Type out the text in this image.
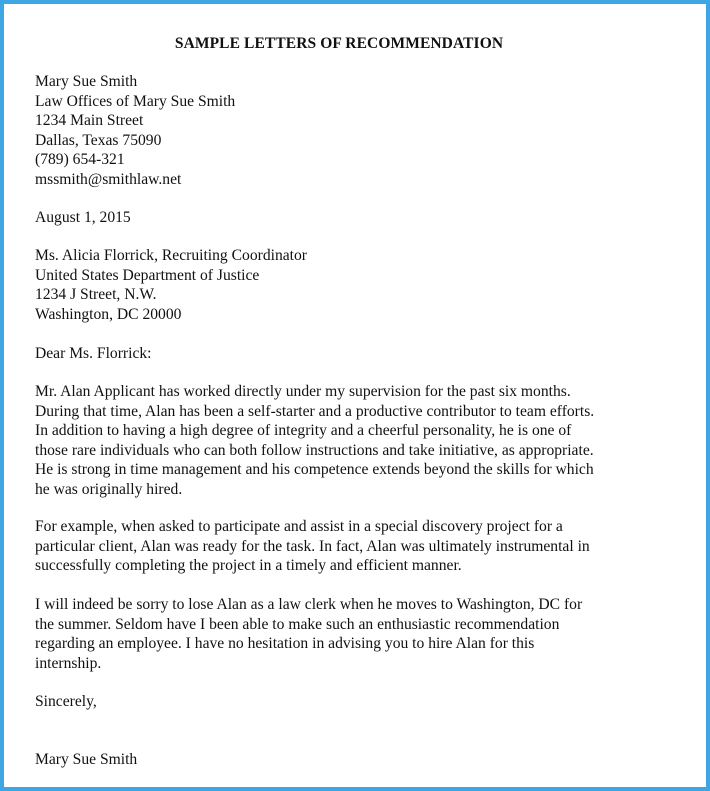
SAMPLE LETTERS OF RECOMMENDATION
Mary Sue Smith
Law Offices of Mary Sue Smith
1234 Main Street
Dallas, Texas 75090
(789) 654-321
mssmith@smithlaw.net
August 1, 2015
Ms. Alicia Florrick, Recruiting Coordinator
United States Department of Justice
1234 J Street, N.W.
Washington, DC 20000
Dear Ms. Florrick:
Mr. Alan Applicant has worked directly under my supervision for the past six months.
During that time, Alan has been a self-starter and a productive contributor to team efforts.
In addition to having a high degree of integrity and a cheerful personality, he is one of
those rare individuals who can both follow instructions and take initiative, as appropriate.
He is strong in time management and his competence extends beyond the skills for which
he was originally hired.
For example, when asked to participate and assist in a special discovery project for a
particular client, Alan was ready for the task. In fact, Alan was ultimately instrumental in
successfully completing the project in a timely and efficient manner.
I will indeed be sorry to lose Alan as a law clerk when he moves to Washington, DC for
the summer. Seldom have I been able to make such an enthusiastic recommendation
regarding an employee. I have no hesitation in advising you to hire Alan for this
internship.
Sincerely,
Mary Sue Smith
